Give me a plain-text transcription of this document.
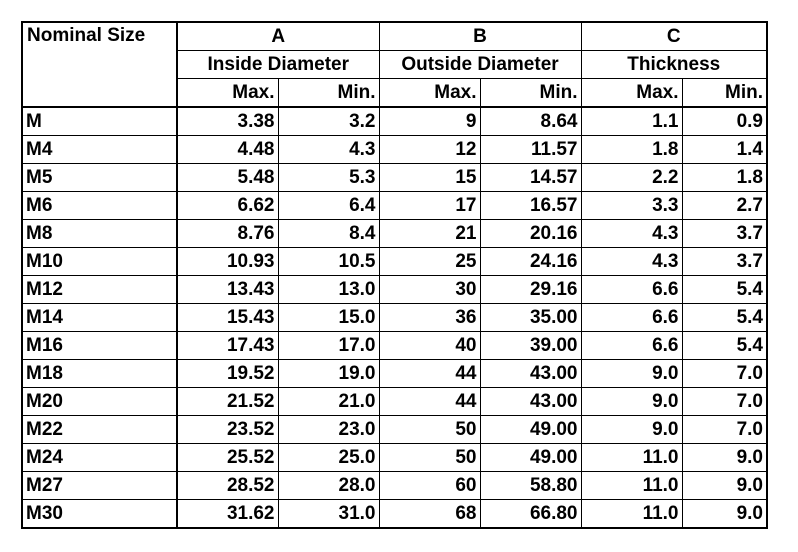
Nominal Size	A		B		C	
	Inside Diameter		Outside Diameter		Thickness	
	Max.	Min.	Max.	Min.	Max.	Min.
M	3.38	3.2	9	8.64	1.1	0.9
M4	4.48	4.3	12	11.57	1.8	1.4
M5	5.48	5.3	15	14.57	2.2	1.8
M6	6.62	6.4	17	16.57	3.3	2.7
M8	8.76	8.4	21	20.16	4.3	3.7
M10	10.93	10.5	25	24.16	4.3	3.7
M12	13.43	13.0	30	29.16	6.6	5.4
M14	15.43	15.0	36	35.00	6.6	5.4
M16	17.43	17.0	40	39.00	6.6	5.4
M18	19.52	19.0	44	43.00	9.0	7.0
M20	21.52	21.0	44	43.00	9.0	7.0
M22	23.52	23.0	50	49.00	9.0	7.0
M24	25.52	25.0	50	49.00	11.0	9.0
M27	28.52	28.0	60	58.80	11.0	9.0
M30	31.62	31.0	68	66.80	11.0	9.0
